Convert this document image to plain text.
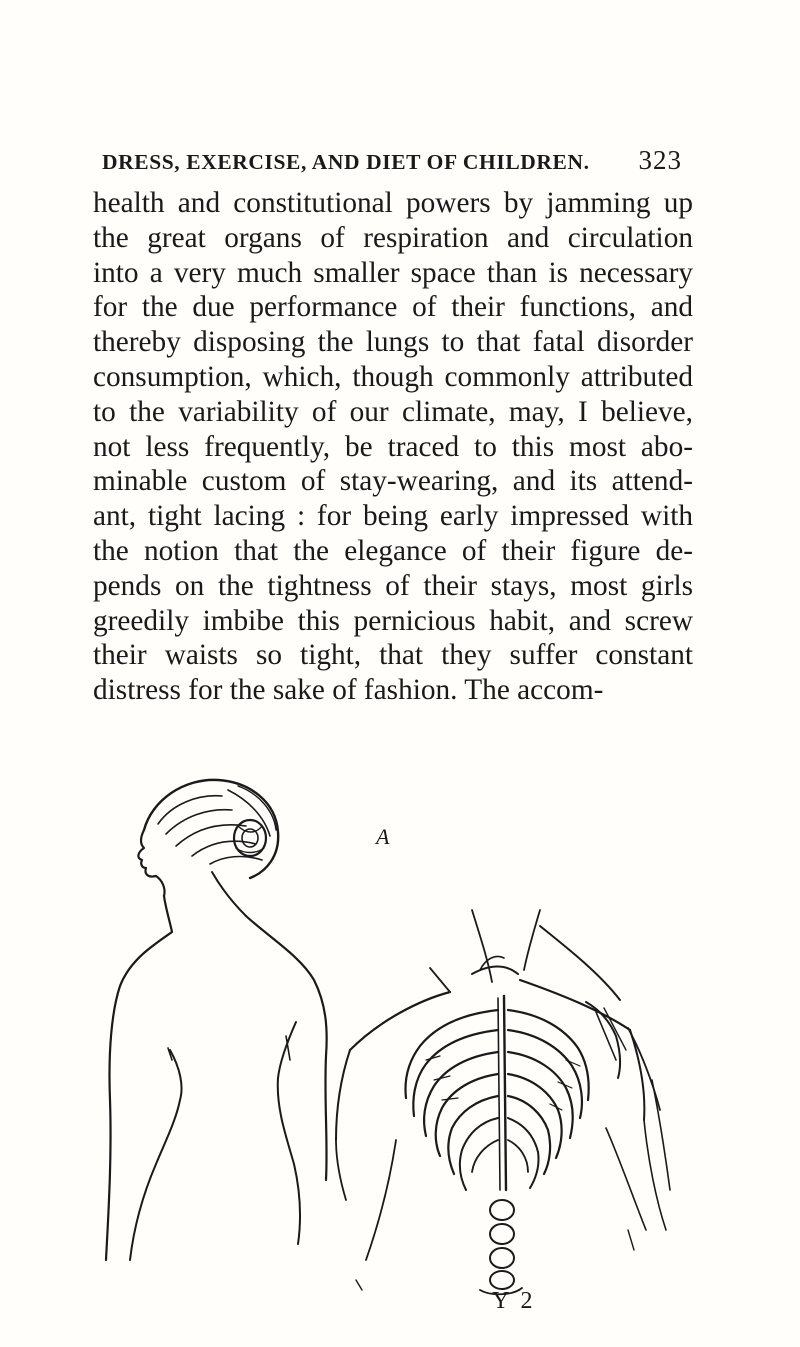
DRESS, EXERCISE, AND DIET OF CHILDREN. 323

health and constitutional powers by jamming up
the great organs of respiration and circulation
into a very much smaller space than is necessary
for the due performance of their functions, and
thereby disposing the lungs to that fatal disorder
consumption, which, though commonly attributed
to the variability of our climate, may, I believe,
not less frequently, be traced to this most abo-
minable custom of stay-wearing, and its attend-
ant, tight lacing : for being early impressed with
the notion that the elegance of their figure de-
pends on the tightness of their stays, most girls
greedily imbibe this pernicious habit, and screw
their waists so tight, that they suffer constant
distress for the sake of fashion. The accom-

A
Y 2
